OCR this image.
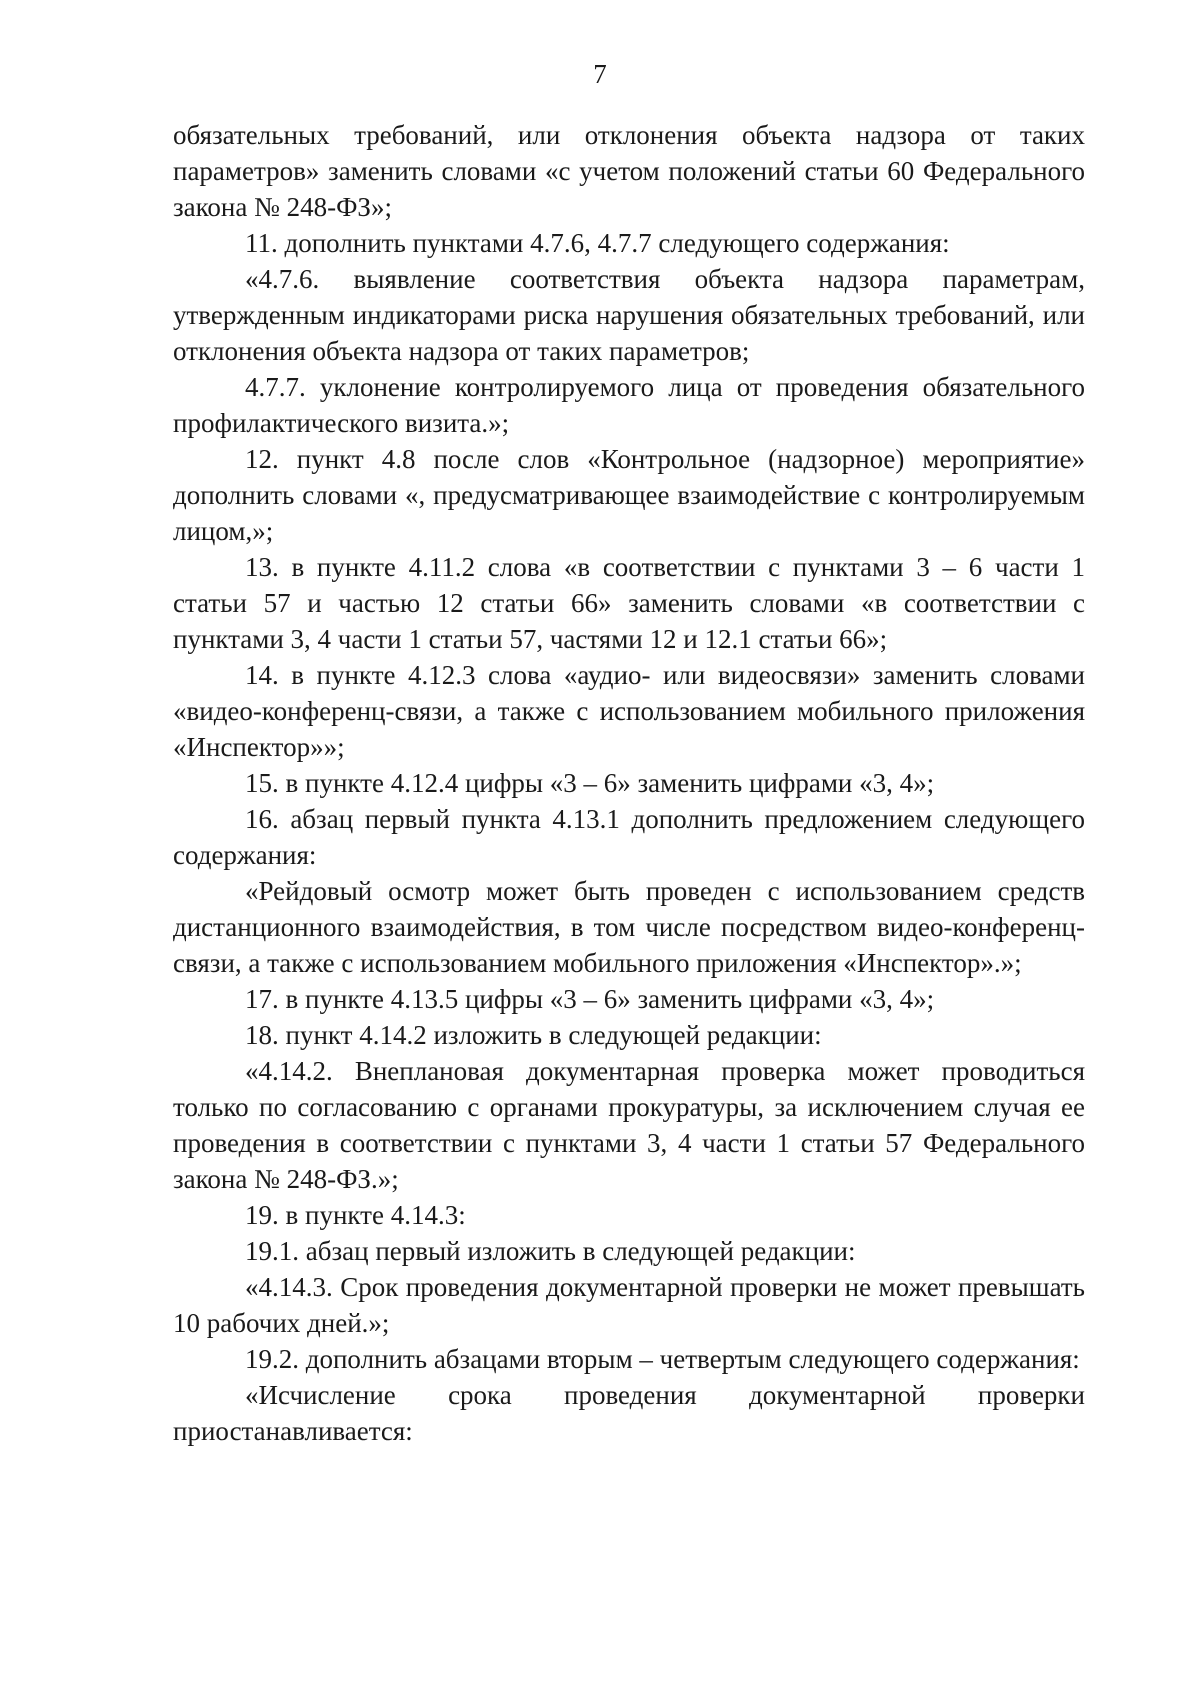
7

обязательных требований, или отклонения объекта надзора от таких параметров» заменить словами «с учетом положений статьи 60 Федерального закона № 248-ФЗ»;

11. дополнить пунктами 4.7.6, 4.7.7 следующего содержания:

«4.7.6. выявление соответствия объекта надзора параметрам, утвержденным индикаторами риска нарушения обязательных требований, или отклонения объекта надзора от таких параметров;

4.7.7. уклонение контролируемого лица от проведения обязательного профилактического визита.»;

12. пункт 4.8 после слов «Контрольное (надзорное) мероприятие» дополнить словами «, предусматривающее взаимодействие с контролируемым лицом,»;

13. в пункте 4.11.2 слова «в соответствии с пунктами 3 – 6 части 1 статьи 57 и частью 12 статьи 66» заменить словами «в соответствии с пунктами 3, 4 части 1 статьи 57, частями 12 и 12.1 статьи 66»;

14. в пункте 4.12.3 слова «аудио- или видеосвязи» заменить словами «видео-конференц-связи, а также с использованием мобильного приложения «Инспектор»»;

15. в пункте 4.12.4 цифры «3 – 6» заменить цифрами «3, 4»;

16. абзац первый пункта 4.13.1 дополнить предложением следующего содержания:

«Рейдовый осмотр может быть проведен с использованием средств дистанционного взаимодействия, в том числе посредством видео-конференц-связи, а также с использованием мобильного приложения «Инспектор».»;

17. в пункте 4.13.5 цифры «3 – 6» заменить цифрами «3, 4»;

18. пункт 4.14.2 изложить в следующей редакции:

«4.14.2. Внеплановая документарная проверка может проводиться только по согласованию с органами прокуратуры, за исключением случая ее проведения в соответствии с пунктами 3, 4 части 1 статьи 57 Федерального закона № 248-ФЗ.»;

19. в пункте 4.14.3:

19.1. абзац первый изложить в следующей редакции:

«4.14.3. Срок проведения документарной проверки не может превышать 10 рабочих дней.»;

19.2. дополнить абзацами вторым – четвертым следующего содержания:

«Исчисление срока проведения документарной проверки приостанавливается:
